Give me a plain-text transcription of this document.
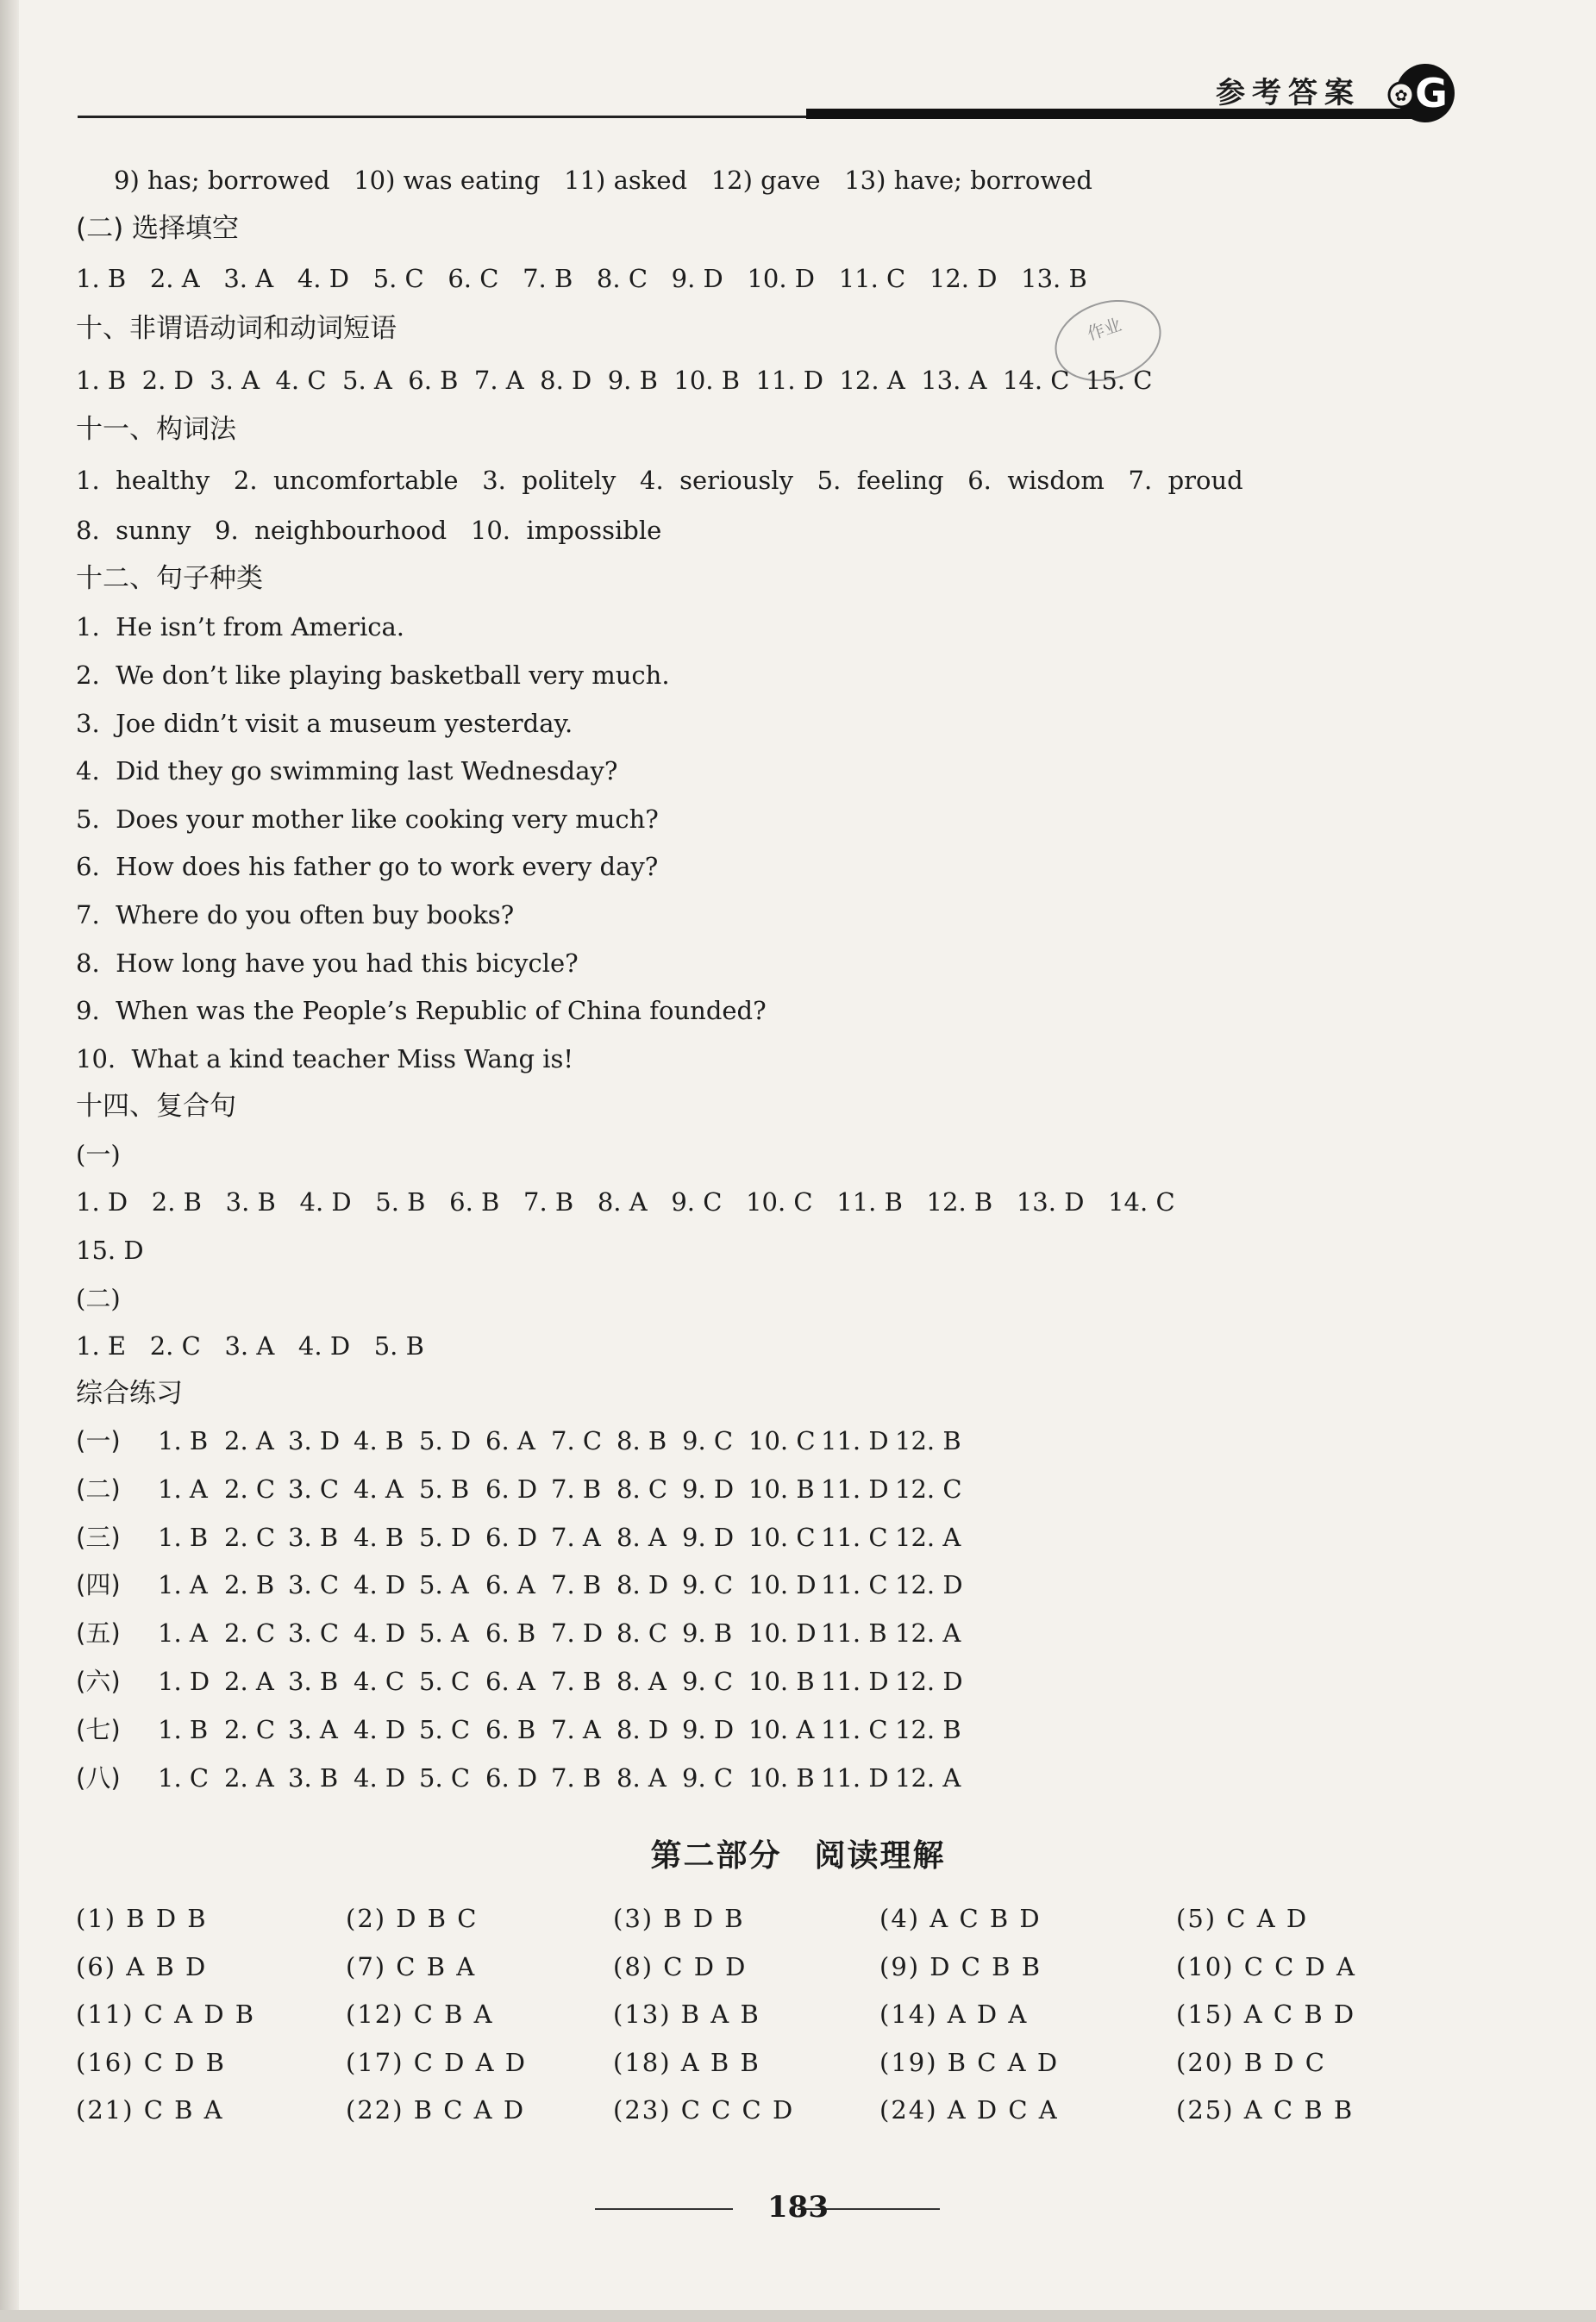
参考答案 ✿ G
作业
9) has; borrowed   10) was eating   11) asked   12) gave   13) have; borrowed
(二) 选择填空
1. B   2. A   3. A   4. D   5. C   6. C   7. B   8. C   9. D   10. D   11. C   12. D   13. B
十、非谓语动词和动词短语
1. B  2. D  3. A  4. C  5. A  6. B  7. A  8. D  9. B  10. B  11. D  12. A  13. A  14. C  15. C
十一、构词法
1.  healthy   2.  uncomfortable   3.  politely   4.  seriously   5.  feeling   6.  wisdom   7.  proud
8.  sunny   9.  neighbourhood   10.  impossible
十二、句子种类
1.  He isn’t from America.
2.  We don’t like playing basketball very much.
3.  Joe didn’t visit a museum yesterday.
4.  Did they go swimming last Wednesday?
5.  Does your mother like cooking very much?
6.  How does his father go to work every day?
7.  Where do you often buy books?
8.  How long have you had this bicycle?
9.  When was the People’s Republic of China founded?
10.  What a kind teacher Miss Wang is!
十四、复合句
(一)
1. D   2. B   3. B   4. D   5. B   6. B   7. B   8. A   9. C   10. C   11. B   12. B   13. D   14. C
15. D
(二)
1. E   2. C   3. A   4. D   5. B
综合练习
(一) 1. B 2. A 3. D 4. B 5. D 6. A 7. C 8. B 9. C 10. C 11. D 12. B
(二) 1. A 2. C 3. C 4. A 5. B 6. D 7. B 8. C 9. D 10. B 11. D 12. C
(三) 1. B 2. C 3. B 4. B 5. D 6. D 7. A 8. A 9. D 10. C 11. C 12. A
(四) 1. A 2. B 3. C 4. D 5. A 6. A 7. B 8. D 9. C 10. D 11. C 12. D
(五) 1. A 2. C 3. C 4. D 5. A 6. B 7. D 8. C 9. B 10. D 11. B 12. A
(六) 1. D 2. A 3. B 4. C 5. C 6. A 7. B 8. A 9. C 10. B 11. D 12. D
(七) 1. B 2. C 3. A 4. D 5. C 6. B 7. A 8. D 9. D 10. A 11. C 12. B
(八) 1. C 2. A 3. B 4. D 5. C 6. D 7. B 8. A 9. C 10. B 11. D 12. A
第二部分　阅读理解
(1) B D B	(2) D B C	(3) B D B	(4) A C B D	(5) C A D
(6) A B D	(7) C B A	(8) C D D	(9) D C B B	(10) C C D A
(11) C A D B	(12) C B A	(13) B A B	(14) A D A	(15) A C B D
(16) C D B	(17) C D A D	(18) A B B	(19) B C A D	(20) B D C
(21) C B A	(22) B C A D	(23) C C C D	(24) A D C A	(25) A C B B
183
